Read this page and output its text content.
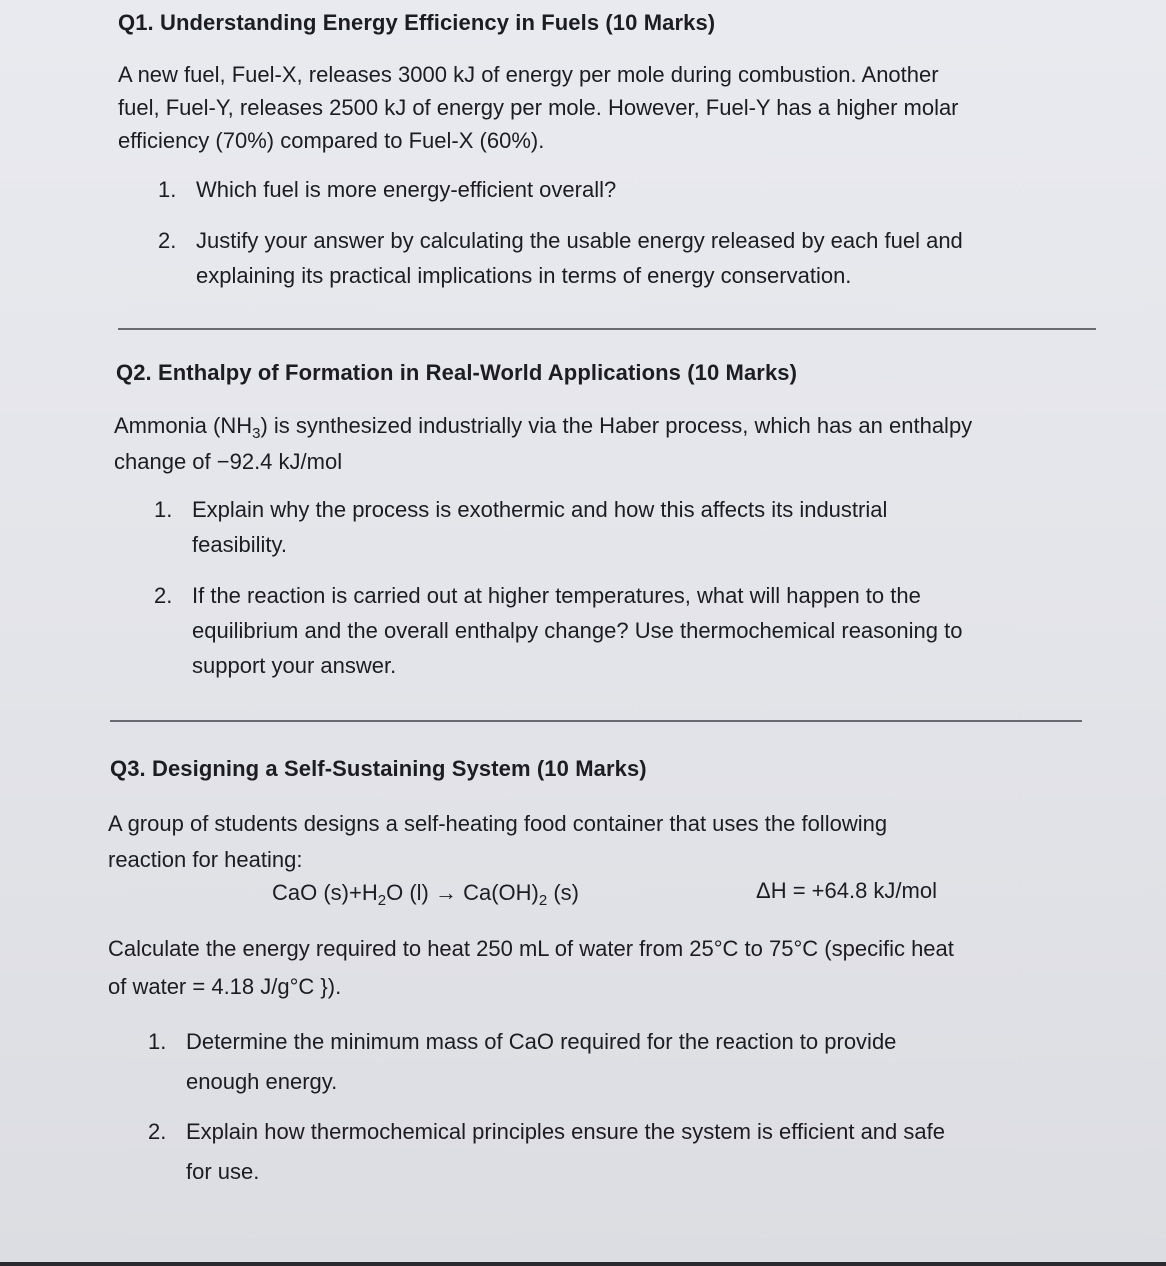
Q1. Understanding Energy Efficiency in Fuels (10 Marks)
A new fuel, Fuel-X, releases 3000 kJ of energy per mole during combustion. Another
fuel, Fuel-Y, releases 2500 kJ of energy per mole. However, Fuel-Y has a higher molar
efficiency (70%) compared to Fuel-X (60%).
1. Which fuel is more energy-efficient overall?
2. Justify your answer by calculating the usable energy released by each fuel and
explaining its practical implications in terms of energy conservation.
Q2. Enthalpy of Formation in Real-World Applications (10 Marks)
Ammonia $(NH_3)$ is synthesized industrially via the Haber process, which has an enthalpy
change of −92.4 kJ/mol
1. Explain why the process is exothermic and how this affects its industrial
feasibility.
2. If the reaction is carried out at higher temperatures, what will happen to the
equilibrium and the overall enthalpy change? Use thermochemical reasoning to
support your answer.
Q3. Designing a Self-Sustaining System (10 Marks)
A group of students designs a self-heating food container that uses the following
reaction for heating:
CaO $(s)+H_2O$ $(l) \to Ca(OH)_2$ (s)	ΔH = +64.8 kJ/mol
Calculate the energy required to heat 250 mL of water from 25°C to 75°C (specific heat
of water = 4.18 J/g°C }).
1. Determine the minimum mass of CaO required for the reaction to provide
enough energy.
2. Explain how thermochemical principles ensure the system is efficient and safe
for use.
